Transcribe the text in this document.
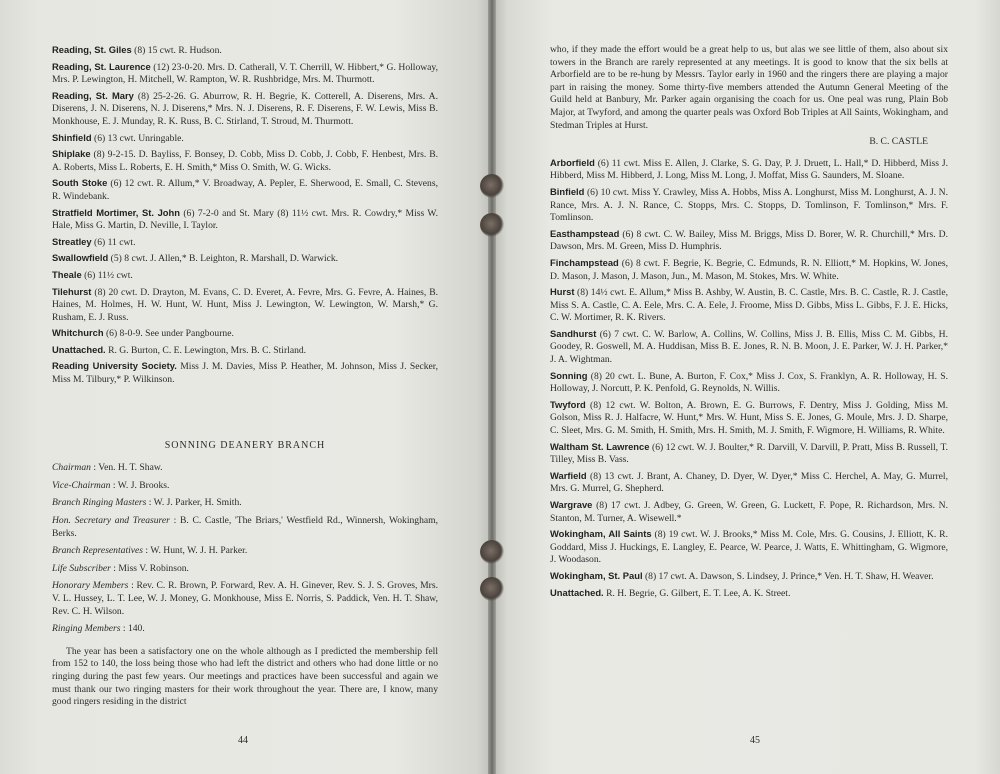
Reading, St. Giles (8) 15 cwt. R. Hudson.

Reading, St. Laurence (12) 23-0-20. Mrs. D. Catherall, V. T. Cherrill, W. Hibbert,* G. Holloway, Mrs. P. Lewington, H. Mitchell, W. Rampton, W. R. Rushbridge, Mrs. M. Thurmott.

Reading, St. Mary (8) 25-2-26. G. Aburrow, R. H. Begrie, K. Cotterell, A. Diserens, Mrs. A. Diserens, J. N. Diserens, N. J. Diserens,* Mrs. N. J. Diserens, R. F. Diserens, F. W. Lewis, Miss B. Monkhouse, E. J. Munday, R. K. Russ, B. C. Stirland, T. Stroud, M. Thurmott.

Shinfield (6) 13 cwt. Unringable.

Shiplake (8) 9-2-15. D. Bayliss, F. Bonsey, D. Cobb, Miss D. Cobb, J. Cobb, F. Henbest, Mrs. B. A. Roberts, Miss L. Roberts, E. H. Smith,* Miss O. Smith, W. G. Wicks.

South Stoke (6) 12 cwt. R. Allum,* V. Broadway, A. Pepler, E. Sherwood, E. Small, C. Stevens, R. Windebank.

Stratfield Mortimer, St. John (6) 7-2-0 and St. Mary (8) 11½ cwt. Mrs. R. Cowdry,* Miss W. Hale, Miss G. Martin, D. Neville, I. Taylor.

Streatley (6) 11 cwt.

Swallowfield (5) 8 cwt. J. Allen,* B. Leighton, R. Marshall, D. Warwick.

Theale (6) 11½ cwt.

Tilehurst (8) 20 cwt. D. Drayton, M. Evans, C. D. Everet, A. Fevre, Mrs. G. Fevre, A. Haines, B. Haines, M. Holmes, H. W. Hunt, W. Hunt, Miss J. Lewington, W. Lewington, W. Marsh,* G. Rusham, E. J. Russ.

Whitchurch (6) 8-0-9. See under Pangbourne.

Unattached. R. G. Burton, C. E. Lewington, Mrs. B. C. Stirland.

Reading University Society. Miss J. M. Davies, Miss P. Heather, M. Johnson, Miss J. Secker, Miss M. Tilbury,* P. Wilkinson.

SONNING DEANERY BRANCH

Chairman : Ven. H. T. Shaw.

Vice-Chairman : W. J. Brooks.

Branch Ringing Masters : W. J. Parker, H. Smith.

Hon. Secretary and Treasurer : B. C. Castle, 'The Briars,' Westfield Rd., Winnersh, Wokingham, Berks.

Branch Representatives : W. Hunt, W. J. H. Parker.

Life Subscriber : Miss V. Robinson.

Honorary Members : Rev. C. R. Brown, P. Forward, Rev. A. H. Ginever, Rev. S. J. S. Groves, Mrs. V. L. Hussey, L. T. Lee, W. J. Money, G. Monkhouse, Miss E. Norris, S. Paddick, Ven. H. T. Shaw, Rev. C. H. Wilson.

Ringing Members : 140.

The year has been a satisfactory one on the whole although as I predicted the membership fell from 152 to 140, the loss being those who had left the district and others who had done little or no ringing during the past few years. Our meetings and practices have been successful and again we must thank our two ringing masters for their work throughout the year. There are, I know, many good ringers residing in the district

44

who, if they made the effort would be a great help to us, but alas we see little of them, also about six towers in the Branch are rarely represented at any meetings. It is good to know that the six bells at Arborfield are to be re-hung by Messrs. Taylor early in 1960 and the ringers there are playing a major part in raising the money. Some thirty-five members attended the Autumn General Meeting of the Guild held at Banbury, Mr. Parker again organising the coach for us. One peal was rung, Plain Bob Major, at Twyford, and among the quarter peals was Oxford Bob Triples at All Saints, Wokingham, and Stedman Triples at Hurst.

B. C. CASTLE

Arborfield (6) 11 cwt. Miss E. Allen, J. Clarke, S. G. Day, P. J. Druett, L. Hall,* D. Hibberd, Miss J. Hibberd, Miss M. Hibberd, J. Long, Miss M. Long, J. Moffat, Miss G. Saunders, M. Sloane.

Binfield (6) 10 cwt. Miss Y. Crawley, Miss A. Hobbs, Miss A. Longhurst, Miss M. Longhurst, A. J. N. Rance, Mrs. A. J. N. Rance, C. Stopps, Mrs. C. Stopps, D. Tomlinson, F. Tomlinson,* Mrs. F. Tomlinson.

Easthampstead (6) 8 cwt. C. W. Bailey, Miss M. Briggs, Miss D. Borer, W. R. Churchill,* Mrs. D. Dawson, Mrs. M. Green, Miss D. Humphris.

Finchampstead (6) 8 cwt. F. Begrie, K. Begrie, C. Edmunds, R. N. Elliott,* M. Hopkins, W. Jones, D. Mason, J. Mason, J. Mason, Jun., M. Mason, M. Stokes, Mrs. W. White.

Hurst (8) 14½ cwt. E. Allum,* Miss B. Ashby, W. Austin, B. C. Castle, Mrs. B. C. Castle, R. J. Castle, Miss S. A. Castle, C. A. Eele, Mrs. C. A. Eele, J. Froome, Miss D. Gibbs, Miss L. Gibbs, F. J. E. Hicks, C. W. Mortimer, R. K. Rivers.

Sandhurst (6) 7 cwt. C. W. Barlow, A. Collins, W. Collins, Miss J. B. Ellis, Miss C. M. Gibbs, H. Goodey, R. Goswell, M. A. Huddisan, Miss B. E. Jones, R. N. B. Moon, J. E. Parker, W. J. H. Parker,* J. A. Wightman.

Sonning (8) 20 cwt. L. Bune, A. Burton, F. Cox,* Miss J. Cox, S. Franklyn, A. R. Holloway, H. S. Holloway, J. Norcutt, P. K. Penfold, G. Reynolds, N. Willis.

Twyford (8) 12 cwt. W. Bolton, A. Brown, E. G. Burrows, F. Dentry, Miss J. Golding, Miss M. Golson, Miss R. J. Halfacre, W. Hunt,* Mrs. W. Hunt, Miss S. E. Jones, G. Moule, Mrs. J. D. Sharpe, C. Sleet, Mrs. G. M. Smith, H. Smith, Mrs. H. Smith, M. J. Smith, F. Wigmore, H. Williams, R. White.

Waltham St. Lawrence (6) 12 cwt. W. J. Boulter,* R. Darvill, V. Darvill, P. Pratt, Miss B. Russell, T. Tilley, Miss B. Vass.

Warfield (8) 13 cwt. J. Brant, A. Chaney, D. Dyer, W. Dyer,* Miss C. Herchel, A. May, G. Murrel, Mrs. G. Murrel, G. Shepherd.

Wargrave (8) 17 cwt. J. Adbey, G. Green, W. Green, G. Luckett, F. Pope, R. Richardson, Mrs. N. Stanton, M. Turner, A. Wisewell.*

Wokingham, All Saints (8) 19 cwt. W. J. Brooks,* Miss M. Cole, Mrs. G. Cousins, J. Elliott, K. R. Goddard, Miss J. Huckings, E. Langley, E. Pearce, W. Pearce, J. Watts, E. Whittingham, G. Wigmore, J. Woodason.

Wokingham, St. Paul (8) 17 cwt. A. Dawson, S. Lindsey, J. Prince,* Ven. H. T. Shaw, H. Weaver.

Unattached. R. H. Begrie, G. Gilbert, E. T. Lee, A. K. Street.

45
